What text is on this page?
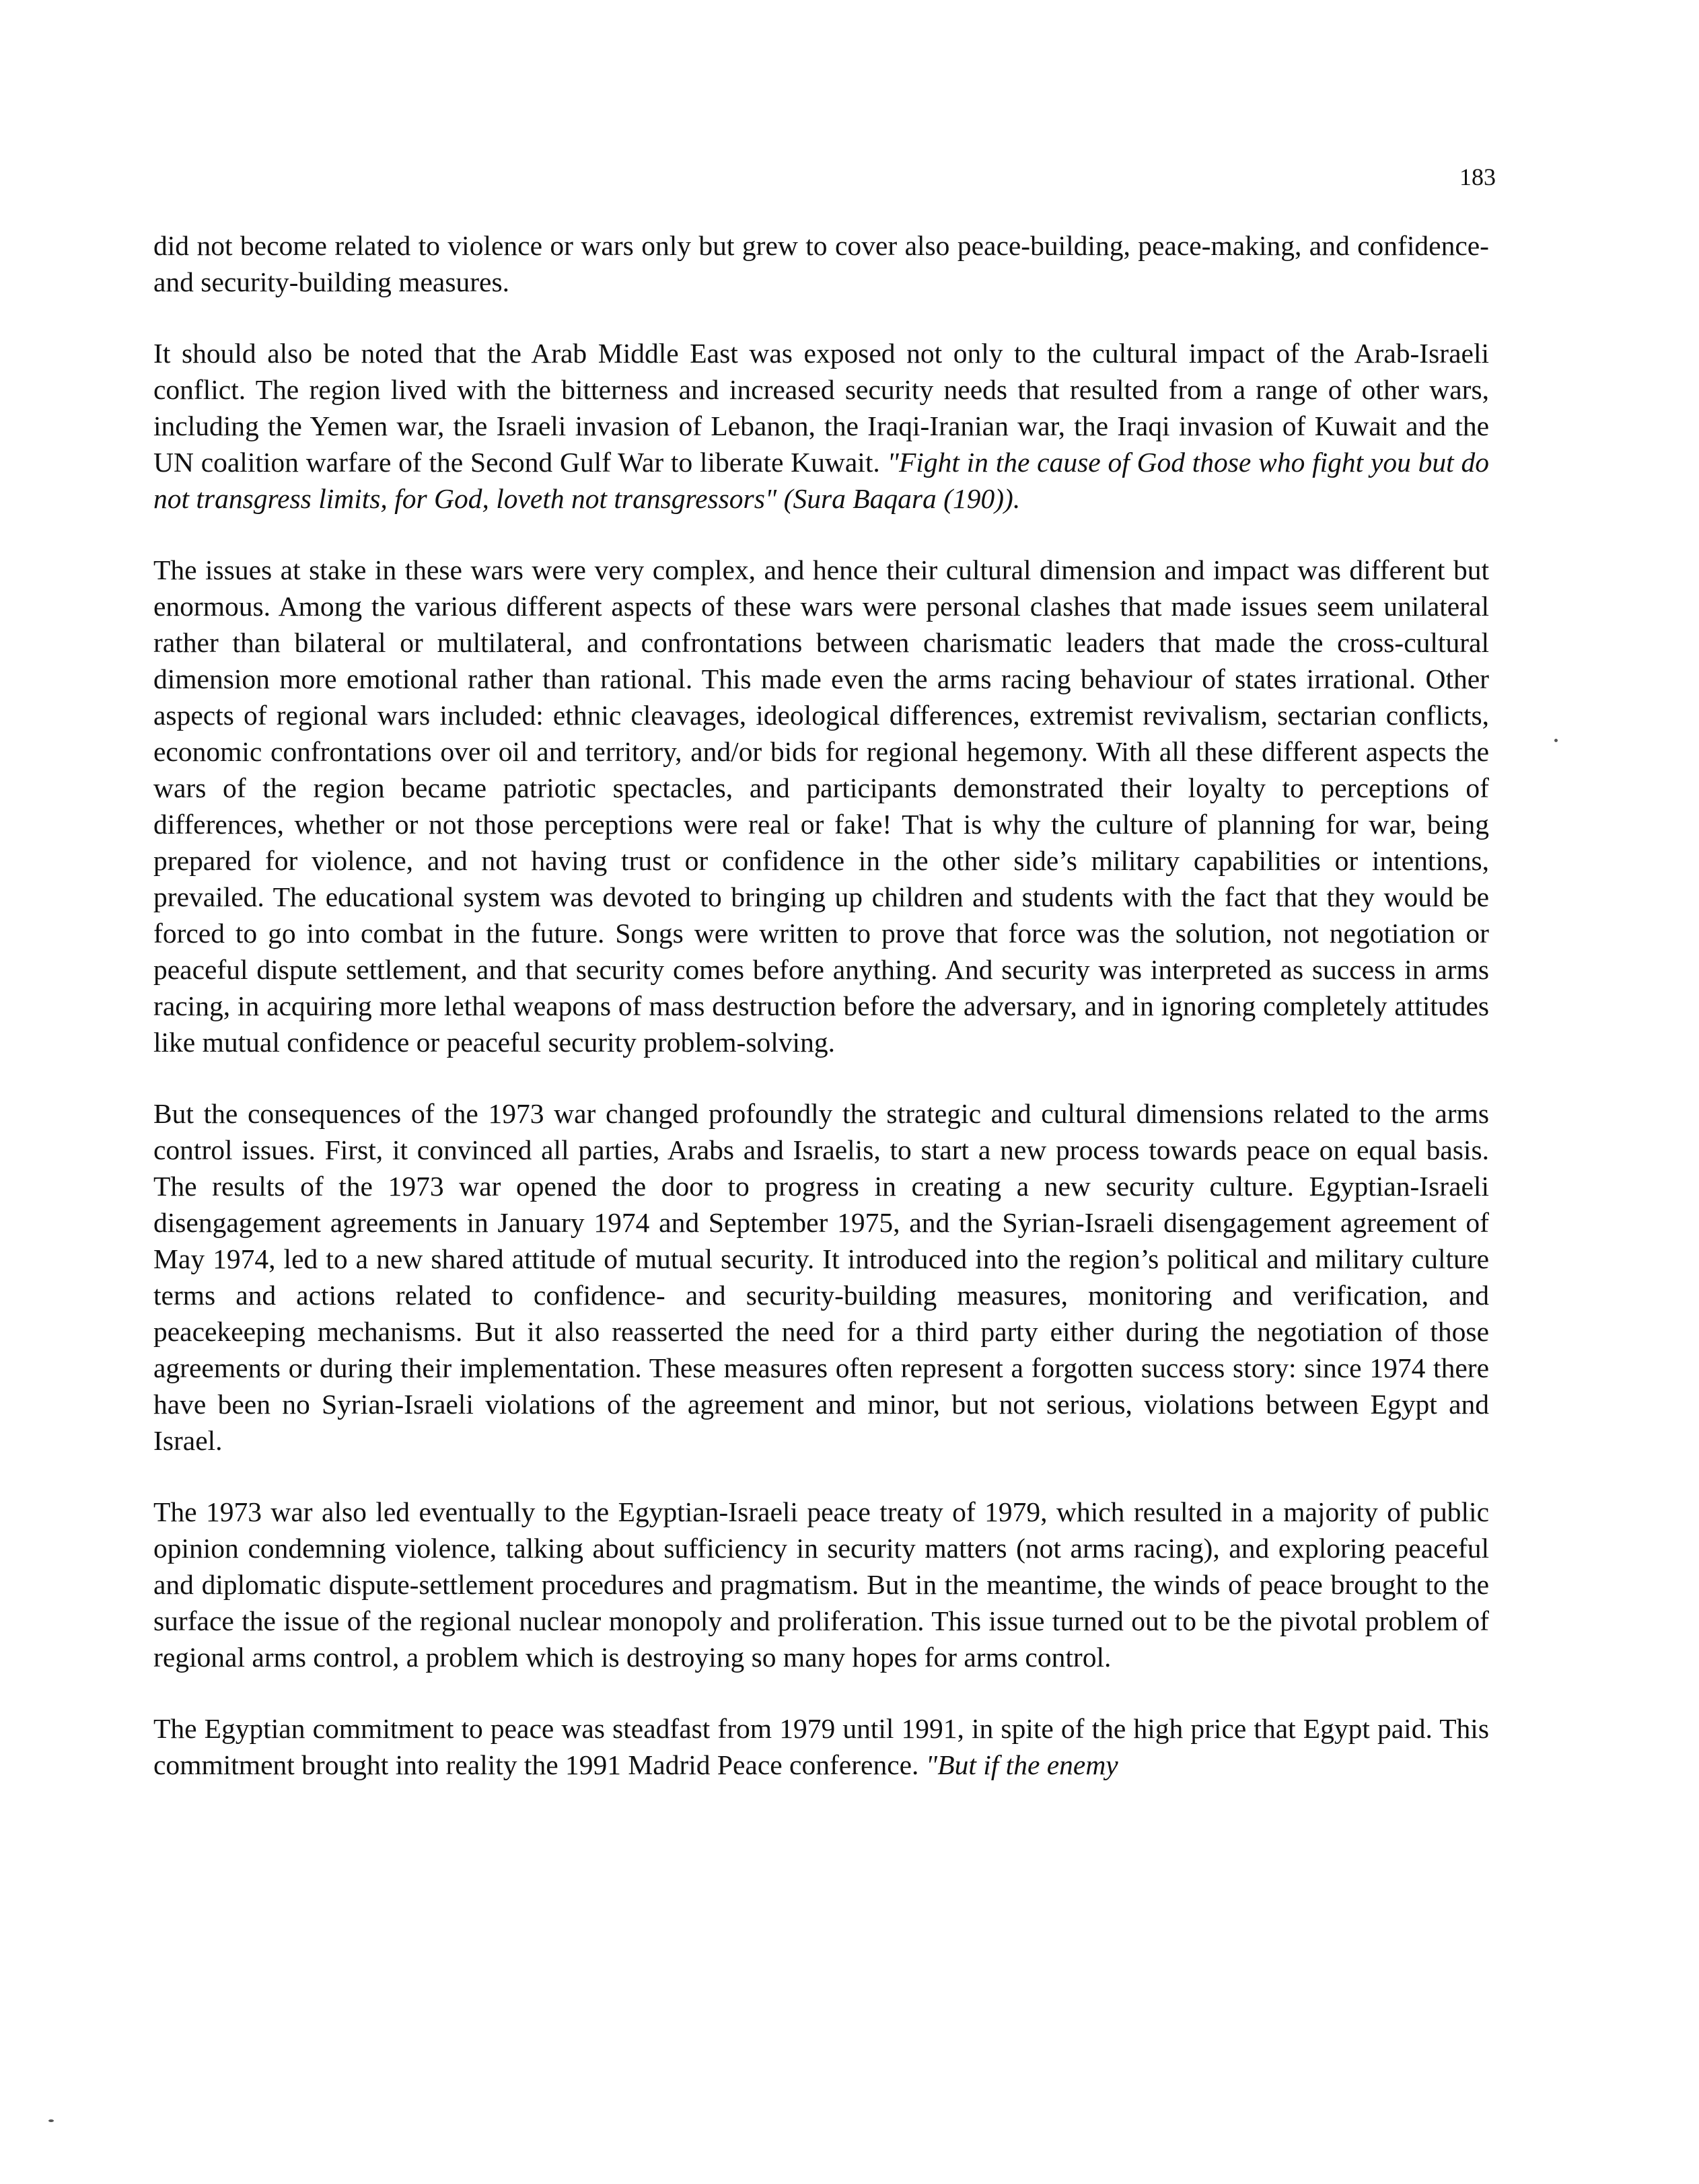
183

did not become related to violence or wars only but grew to cover also peace-building, peace-making, and confidence- and security-building measures.

It should also be noted that the Arab Middle East was exposed not only to the cultural impact of the Arab-Israeli conflict. The region lived with the bitterness and increased security needs that resulted from a range of other wars, including the Yemen war, the Israeli invasion of Lebanon, the Iraqi-Iranian war, the Iraqi invasion of Kuwait and the UN coalition warfare of the Second Gulf War to liberate Kuwait. "Fight in the cause of God those who fight you but do not transgress limits, for God, loveth not transgressors" (Sura Baqara (190)).

The issues at stake in these wars were very complex, and hence their cultural dimension and impact was different but enormous. Among the various different aspects of these wars were personal clashes that made issues seem unilateral rather than bilateral or multilateral, and confrontations between charismatic leaders that made the cross-cultural dimension more emotional rather than rational. This made even the arms racing behaviour of states irrational. Other aspects of regional wars included: ethnic cleavages, ideological differences, extremist revivalism, sectarian conflicts, economic confrontations over oil and territory, and/or bids for regional hegemony. With all these different aspects the wars of the region became patriotic spectacles, and participants demonstrated their loyalty to perceptions of differences, whether or not those perceptions were real or fake! That is why the culture of planning for war, being prepared for violence, and not having trust or confidence in the other side’s military capabilities or intentions, prevailed. The educational system was devoted to bringing up children and students with the fact that they would be forced to go into combat in the future. Songs were written to prove that force was the solution, not negotiation or peaceful dispute settlement, and that security comes before anything. And security was interpreted as success in arms racing, in acquiring more lethal weapons of mass destruction before the adversary, and in ignoring completely attitudes like mutual confidence or peaceful security problem-solving.

But the consequences of the 1973 war changed profoundly the strategic and cultural dimensions related to the arms control issues. First, it convinced all parties, Arabs and Israelis, to start a new process towards peace on equal basis. The results of the 1973 war opened the door to progress in creating a new security culture. Egyptian-Israeli disengagement agreements in January 1974 and September 1975, and the Syrian-Israeli disengagement agreement of May 1974, led to a new shared attitude of mutual security. It introduced into the region’s political and military culture terms and actions related to confidence- and security-building measures, monitoring and verification, and peacekeeping mechanisms. But it also reasserted the need for a third party either during the negotiation of those agreements or during their implementation. These measures often represent a forgotten success story: since 1974 there have been no Syrian-Israeli violations of the agreement and minor, but not serious, violations between Egypt and Israel.

The 1973 war also led eventually to the Egyptian-Israeli peace treaty of 1979, which resulted in a majority of public opinion condemning violence, talking about sufficiency in security matters (not arms racing), and exploring peaceful and diplomatic dispute-settlement procedures and pragmatism. But in the meantime, the winds of peace brought to the surface the issue of the regional nuclear monopoly and proliferation. This issue turned out to be the pivotal problem of regional arms control, a problem which is destroying so many hopes for arms control.

The Egyptian commitment to peace was steadfast from 1979 until 1991, in spite of the high price that Egypt paid. This commitment brought into reality the 1991 Madrid Peace conference. "But if the enemy
